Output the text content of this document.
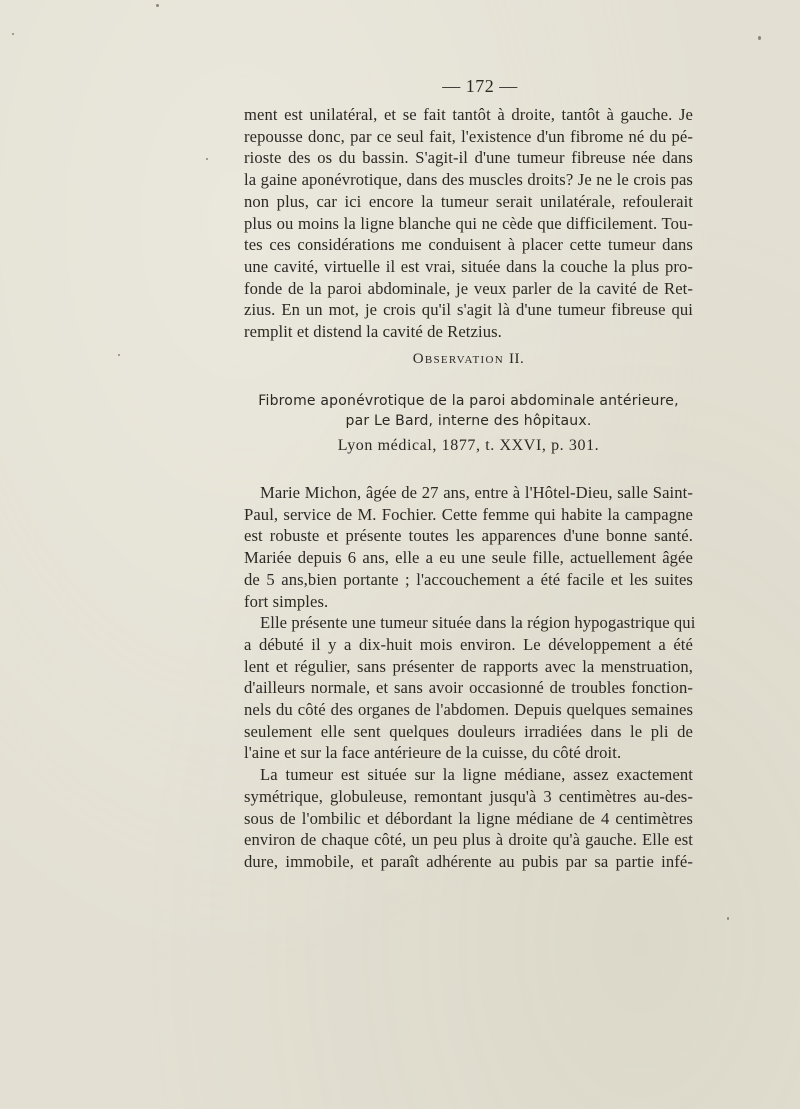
— 172 —

ment est unilatéral, et se fait tantôt à droite, tantôt à gauche. Je
repousse donc, par ce seul fait, l'existence d'un fibrome né du pé-
rioste des os du bassin. S'agit-il d'une tumeur fibreuse née dans
la gaine aponévrotique, dans des muscles droits? Je ne le crois pas
non plus, car ici encore la tumeur serait unilatérale, refoulerait
plus ou moins la ligne blanche qui ne cède que difficilement. Tou-
tes ces considérations me conduisent à placer cette tumeur dans
une cavité, virtuelle il est vrai, située dans la couche la plus pro-
fonde de la paroi abdominale, je veux parler de la cavité de Ret-
zius. En un mot, je crois qu'il s'agit là d'une tumeur fibreuse qui
remplit et distend la cavité de Retzius.

Observation II.
Fibrome aponévrotique de la paroi abdominale antérieure,
par Le Bard, interne des hôpitaux.
Lyon médical, 1877, t. XXVI, p. 301.

Marie Michon, âgée de 27 ans, entre à l'Hôtel-Dieu, salle Saint-
Paul, service de M. Fochier. Cette femme qui habite la campagne
est robuste et présente toutes les apparences d'une bonne santé.
Mariée depuis 6 ans, elle a eu une seule fille, actuellement âgée
de 5 ans,bien portante ; l'accouchement a été facile et les suites
fort simples.

Elle présente une tumeur située dans la région hypogastrique qui
a débuté il y a dix-huit mois environ. Le développement a été
lent et régulier, sans présenter de rapports avec la menstruation,
d'ailleurs normale, et sans avoir occasionné de troubles fonction-
nels du côté des organes de l'abdomen. Depuis quelques semaines
seulement elle sent quelques douleurs irradiées dans le pli de
l'aine et sur la face antérieure de la cuisse, du côté droit.

La tumeur est située sur la ligne médiane, assez exactement
symétrique, globuleuse, remontant jusqu'à 3 centimètres au-des-
sous de l'ombilic et débordant la ligne médiane de 4 centimètres
environ de chaque côté, un peu plus à droite qu'à gauche. Elle est
dure, immobile, et paraît adhérente au pubis par sa partie infé-
